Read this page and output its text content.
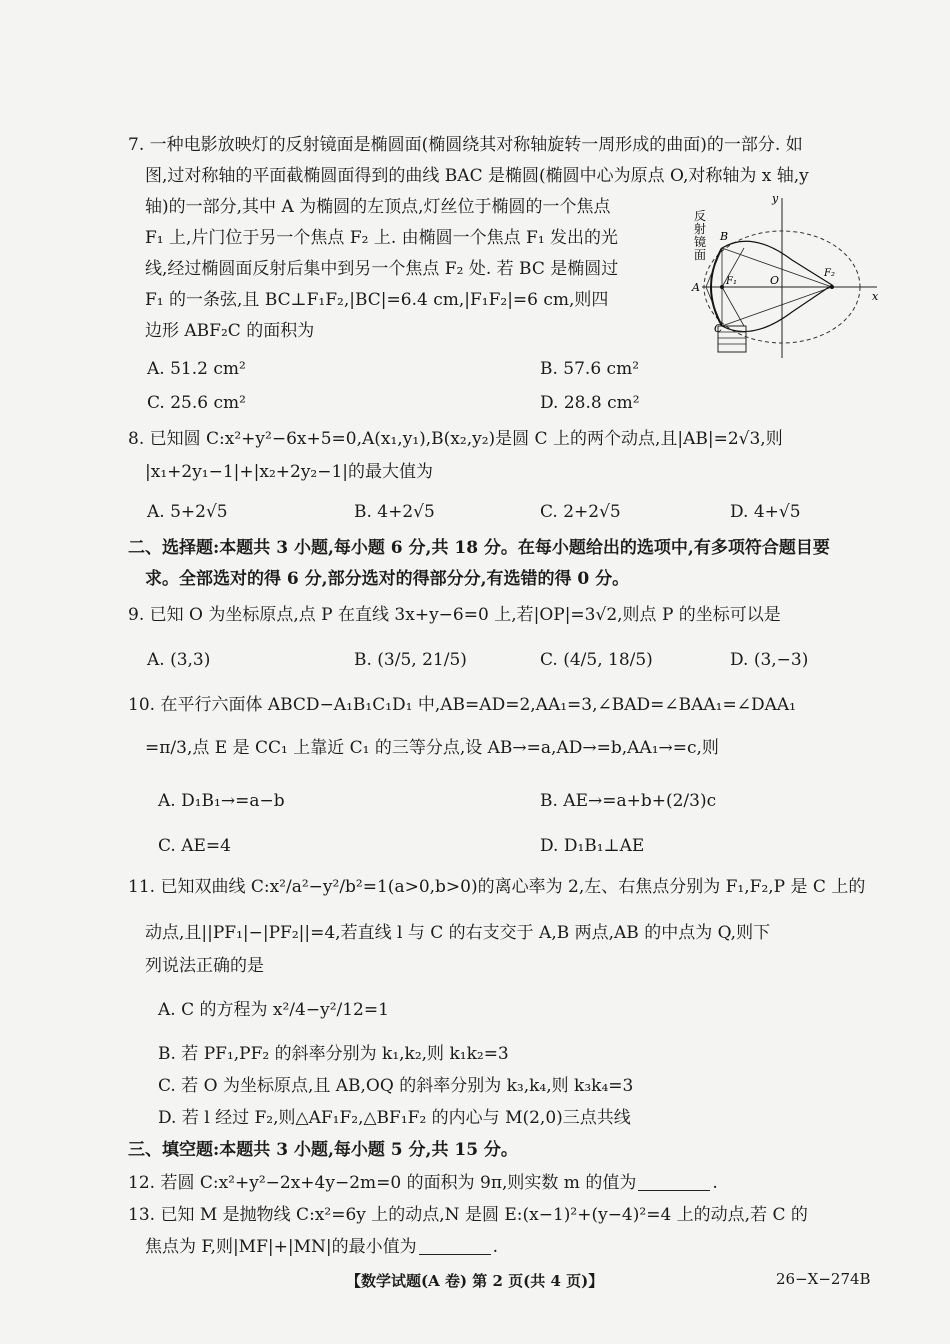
7. 一种电影放映灯的反射镜面是椭圆面(椭圆绕其对称轴旋转一周形成的曲面)的一部分. 如
图,过对称轴的平面截椭圆面得到的曲线 BAC 是椭圆(椭圆中心为原点 O,对称轴为 x 轴,y
轴)的一部分,其中 A 为椭圆的左顶点,灯丝位于椭圆的一个焦点
F₁ 上,片门位于另一个焦点 F₂ 上. 由椭圆一个焦点 F₁ 发出的光
线,经过椭圆面反射后集中到另一个焦点 F₂ 处. 若 BC 是椭圆过
F₁ 的一条弦,且 BC⊥F₁F₂,|BC|=6.4 cm,|F₁F₂|=6 cm,则四
边形 ABF₂C 的面积为
A. 51.2 cm²	B. 57.6 cm²
C. 25.6 cm²	D. 28.8 cm²
反射镜面
y
x
B
A	F₁	O
F₂
C
8. 已知圆 C:x²+y²−6x+5=0,A(x₁,y₁),B(x₂,y₂)是圆 C 上的两个动点,且|AB|=2√3,则
|x₁+2y₁−1|+|x₂+2y₂−1|的最大值为
A. 5+2√5	B. 4+2√5	C. 2+2√5	D. 4+√5
二、选择题:本题共 3 小题,每小题 6 分,共 18 分。在每小题给出的选项中,有多项符合题目要
求。全部选对的得 6 分,部分选对的得部分分,有选错的得 0 分。
9. 已知 O 为坐标原点,点 P 在直线 3x+y−6=0 上,若|OP|=3√2,则点 P 的坐标可以是
A. (3,3)	B. (3/5, 21/5)	C. (4/5, 18/5)	D. (3,−3)
10. 在平行六面体 ABCD−A₁B₁C₁D₁ 中,AB=AD=2,AA₁=3,∠BAD=∠BAA₁=∠DAA₁
=π/3,点 E 是 CC₁ 上靠近 C₁ 的三等分点,设 AB→=a,AD→=b,AA₁→=c,则
A. D₁B₁→=a−b	B. AE→=a+b+(2/3)c
C. AE=4	D. D₁B₁⊥AE
11. 已知双曲线 C:x²/a²−y²/b²=1(a>0,b>0)的离心率为 2,左、右焦点分别为 F₁,F₂,P 是 C 上的
动点,且||PF₁|−|PF₂||=4,若直线 l 与 C 的右支交于 A,B 两点,AB 的中点为 Q,则下
列说法正确的是
A. C 的方程为 x²/4−y²/12=1
B. 若 PF₁,PF₂ 的斜率分别为 k₁,k₂,则 k₁k₂=3
C. 若 O 为坐标原点,且 AB,OQ 的斜率分别为 k₃,k₄,则 k₃k₄=3
D. 若 l 经过 F₂,则△AF₁F₂,△BF₁F₂ 的内心与 M(2,0)三点共线
三、填空题:本题共 3 小题,每小题 5 分,共 15 分。
12. 若圆 C:x²+y²−2x+4y−2m=0 的面积为 9π,则实数 m 的值为	.
13. 已知 M 是抛物线 C:x²=6y 上的动点,N 是圆 E:(x−1)²+(y−4)²=4 上的动点,若 C 的
焦点为 F,则|MF|+|MN|的最小值为	.
【数学试题(A 卷) 第 2 页(共 4 页)】	26−X−274B
